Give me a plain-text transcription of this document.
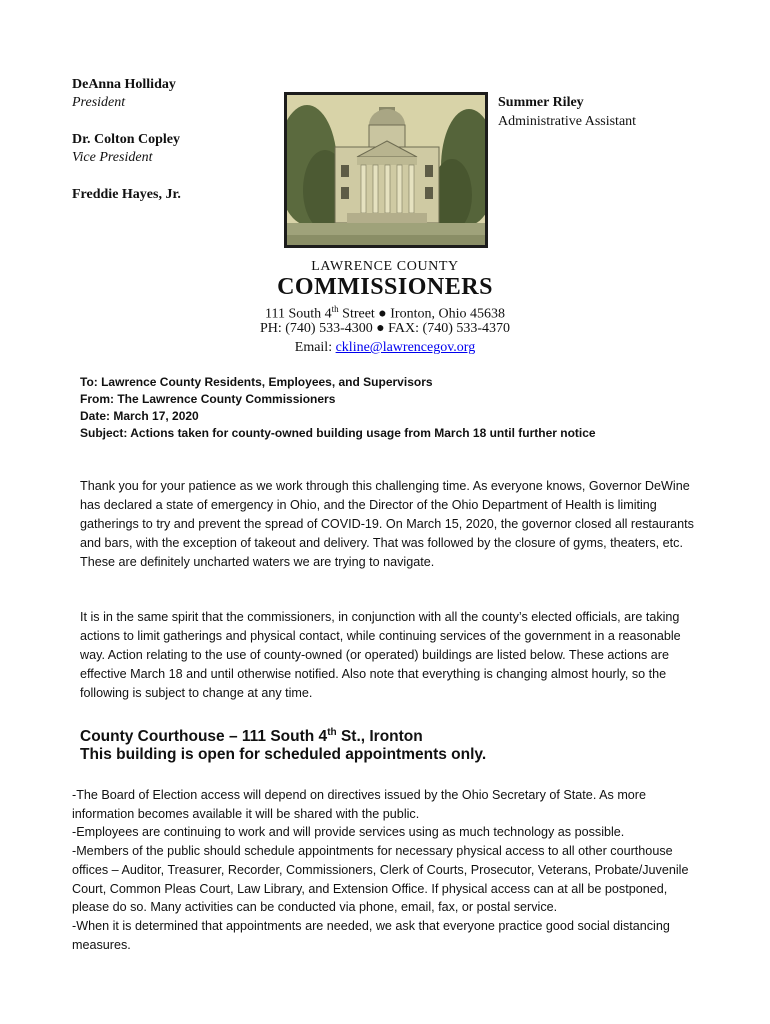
DeAnna Holliday
President
Dr. Colton Copley
Vice President
Freddie Hayes, Jr.
Summer Riley
Administrative Assistant
LAWRENCE COUNTY
COMMISSIONERS
111 South 4th Street ● Ironton, Ohio 45638
PH: (740) 533-4300 ● FAX: (740) 533-4370
Email: ckline@lawrencegov.org
To: Lawrence County Residents, Employees, and Supervisors
From: The Lawrence County Commissioners
Date: March 17, 2020
Subject: Actions taken for county-owned building usage from March 18 until further notice

Thank you for your patience as we work through this challenging time. As everyone knows, Governor DeWine has declared a state of emergency in Ohio, and the Director of the Ohio Department of Health is limiting gatherings to try and prevent the spread of COVID-19. On March 15, 2020, the governor closed all restaurants and bars, with the exception of takeout and delivery. That was followed by the closure of gyms, theaters, etc. These are definitely uncharted waters we are trying to navigate.

It is in the same spirit that the commissioners, in conjunction with all the county’s elected officials, are taking actions to limit gatherings and physical contact, while continuing services of the government in a reasonable way. Action relating to the use of county-owned (or operated) buildings are listed below. These actions are effective March 18 and until otherwise notified. Also note that everything is changing almost hourly, so the following is subject to change at any time.

County Courthouse – 111 South 4th St., Ironton
This building is open for scheduled appointments only.

-The Board of Election access will depend on directives issued by the Ohio Secretary of State. As more information becomes available it will be shared with the public.

-Employees are continuing to work and will provide services using as much technology as possible.

-Members of the public should schedule appointments for necessary physical access to all other courthouse offices – Auditor, Treasurer, Recorder, Commissioners, Clerk of Courts, Prosecutor, Veterans, Probate/Juvenile Court, Common Pleas Court, Law Library, and Extension Office. If physical access can at all be postponed, please do so. Many activities can be conducted via phone, email, fax, or postal service.

-When it is determined that appointments are needed, we ask that everyone practice good social distancing measures.
